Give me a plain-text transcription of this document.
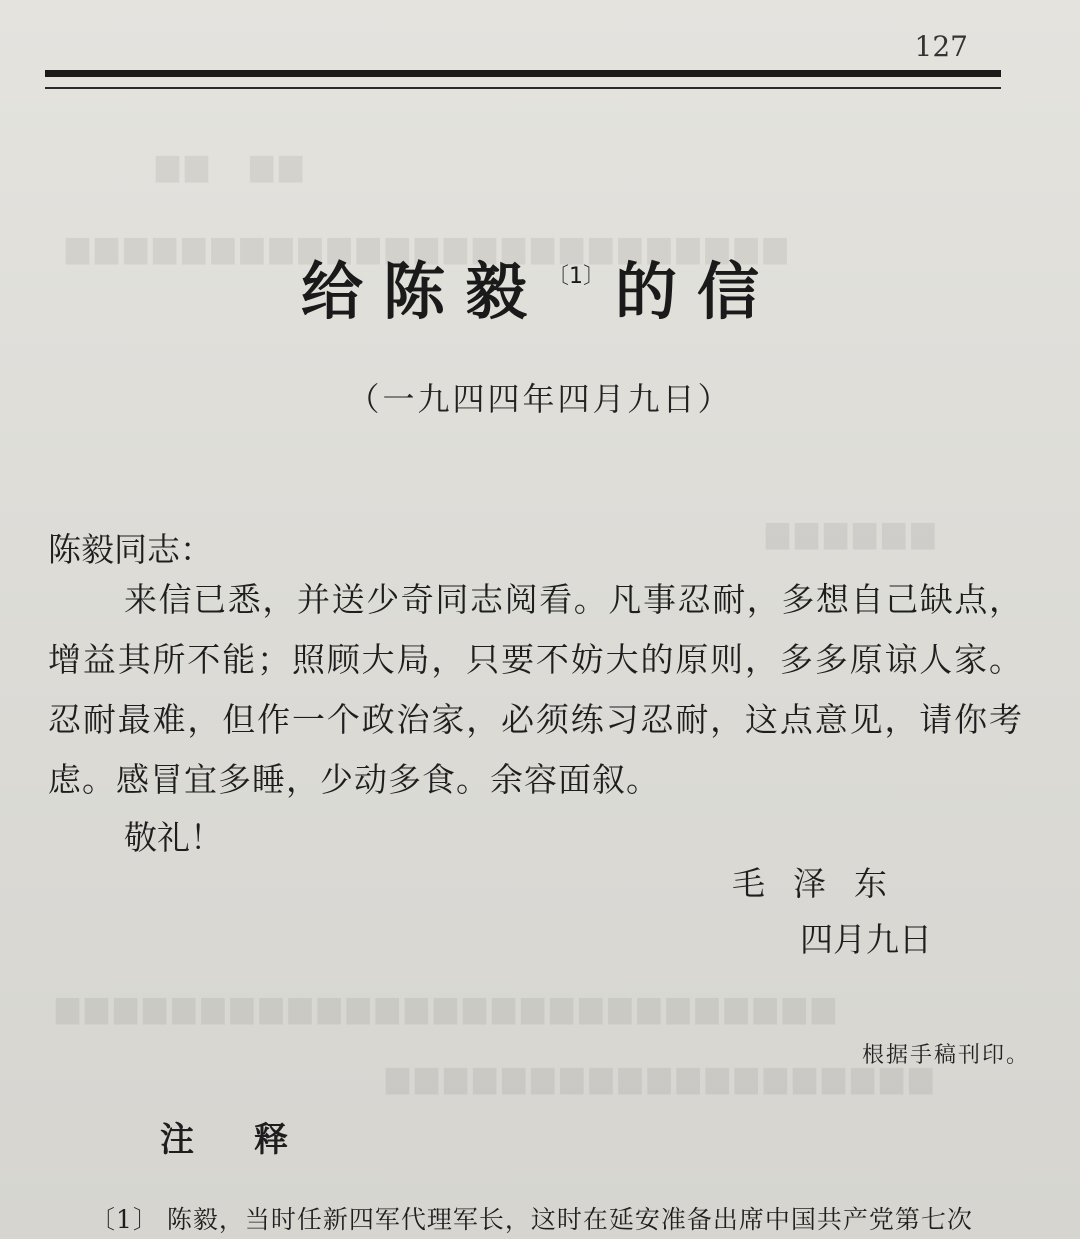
▆▆　▆▆
▆▆▆▆▆▆▆▆▆▆▆▆▆▆▆▆▆▆▆▆▆▆▆▆▆
▆▆▆▆▆▆
▆▆▆▆▆▆▆▆▆▆▆▆▆▆▆▆▆▆▆▆▆▆▆▆▆▆▆
▆▆▆▆▆▆▆▆▆▆▆▆▆▆▆▆▆▆▆
127
给陈毅$^{〔1〕}$ 的信
（一九四四年四月九日）
陈毅同志：
来信已悉，并送少奇同志阅看。凡事忍耐，多想自己缺点，增益其所不能；照顾大局，只要不妨大的原则，多多原谅人家。忍耐最难，但作一个政治家，必须练习忍耐，这点意见，请你考虑。感冒宜多睡，少动多食。余容面叙。
敬礼！
毛泽东
四月九日
根据手稿刊印。
注释
〔1〕 陈毅，当时任新四军代理军长，这时在延安准备出席中国共产党第七次
